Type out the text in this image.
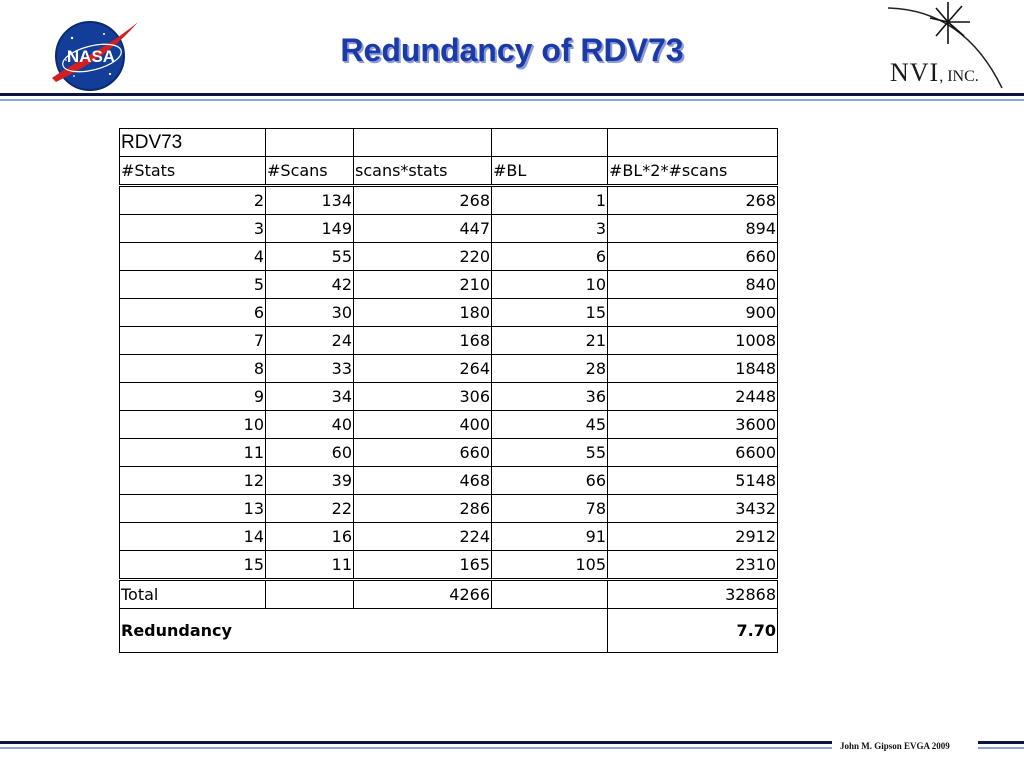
NASA	Redundancy of RDV73
NVI, INC.
RDV73				
#Stats	#Scans	scans*stats	#BL	#BL*2*#scans
2	134	268	1	268
3	149	447	3	894
4	55	220	6	660
5	42	210	10	840
6	30	180	15	900
7	24	168	21	1008
8	33	264	28	1848
9	34	306	36	2448
10	40	400	45	3600
11	60	660	55	6600
12	39	468	66	5148
13	22	286	78	3432
14	16	224	91	2912
15	11	165	105	2310
Total		4266		32868
Redundancy				7.70
John M. Gipson EVGA 2009
